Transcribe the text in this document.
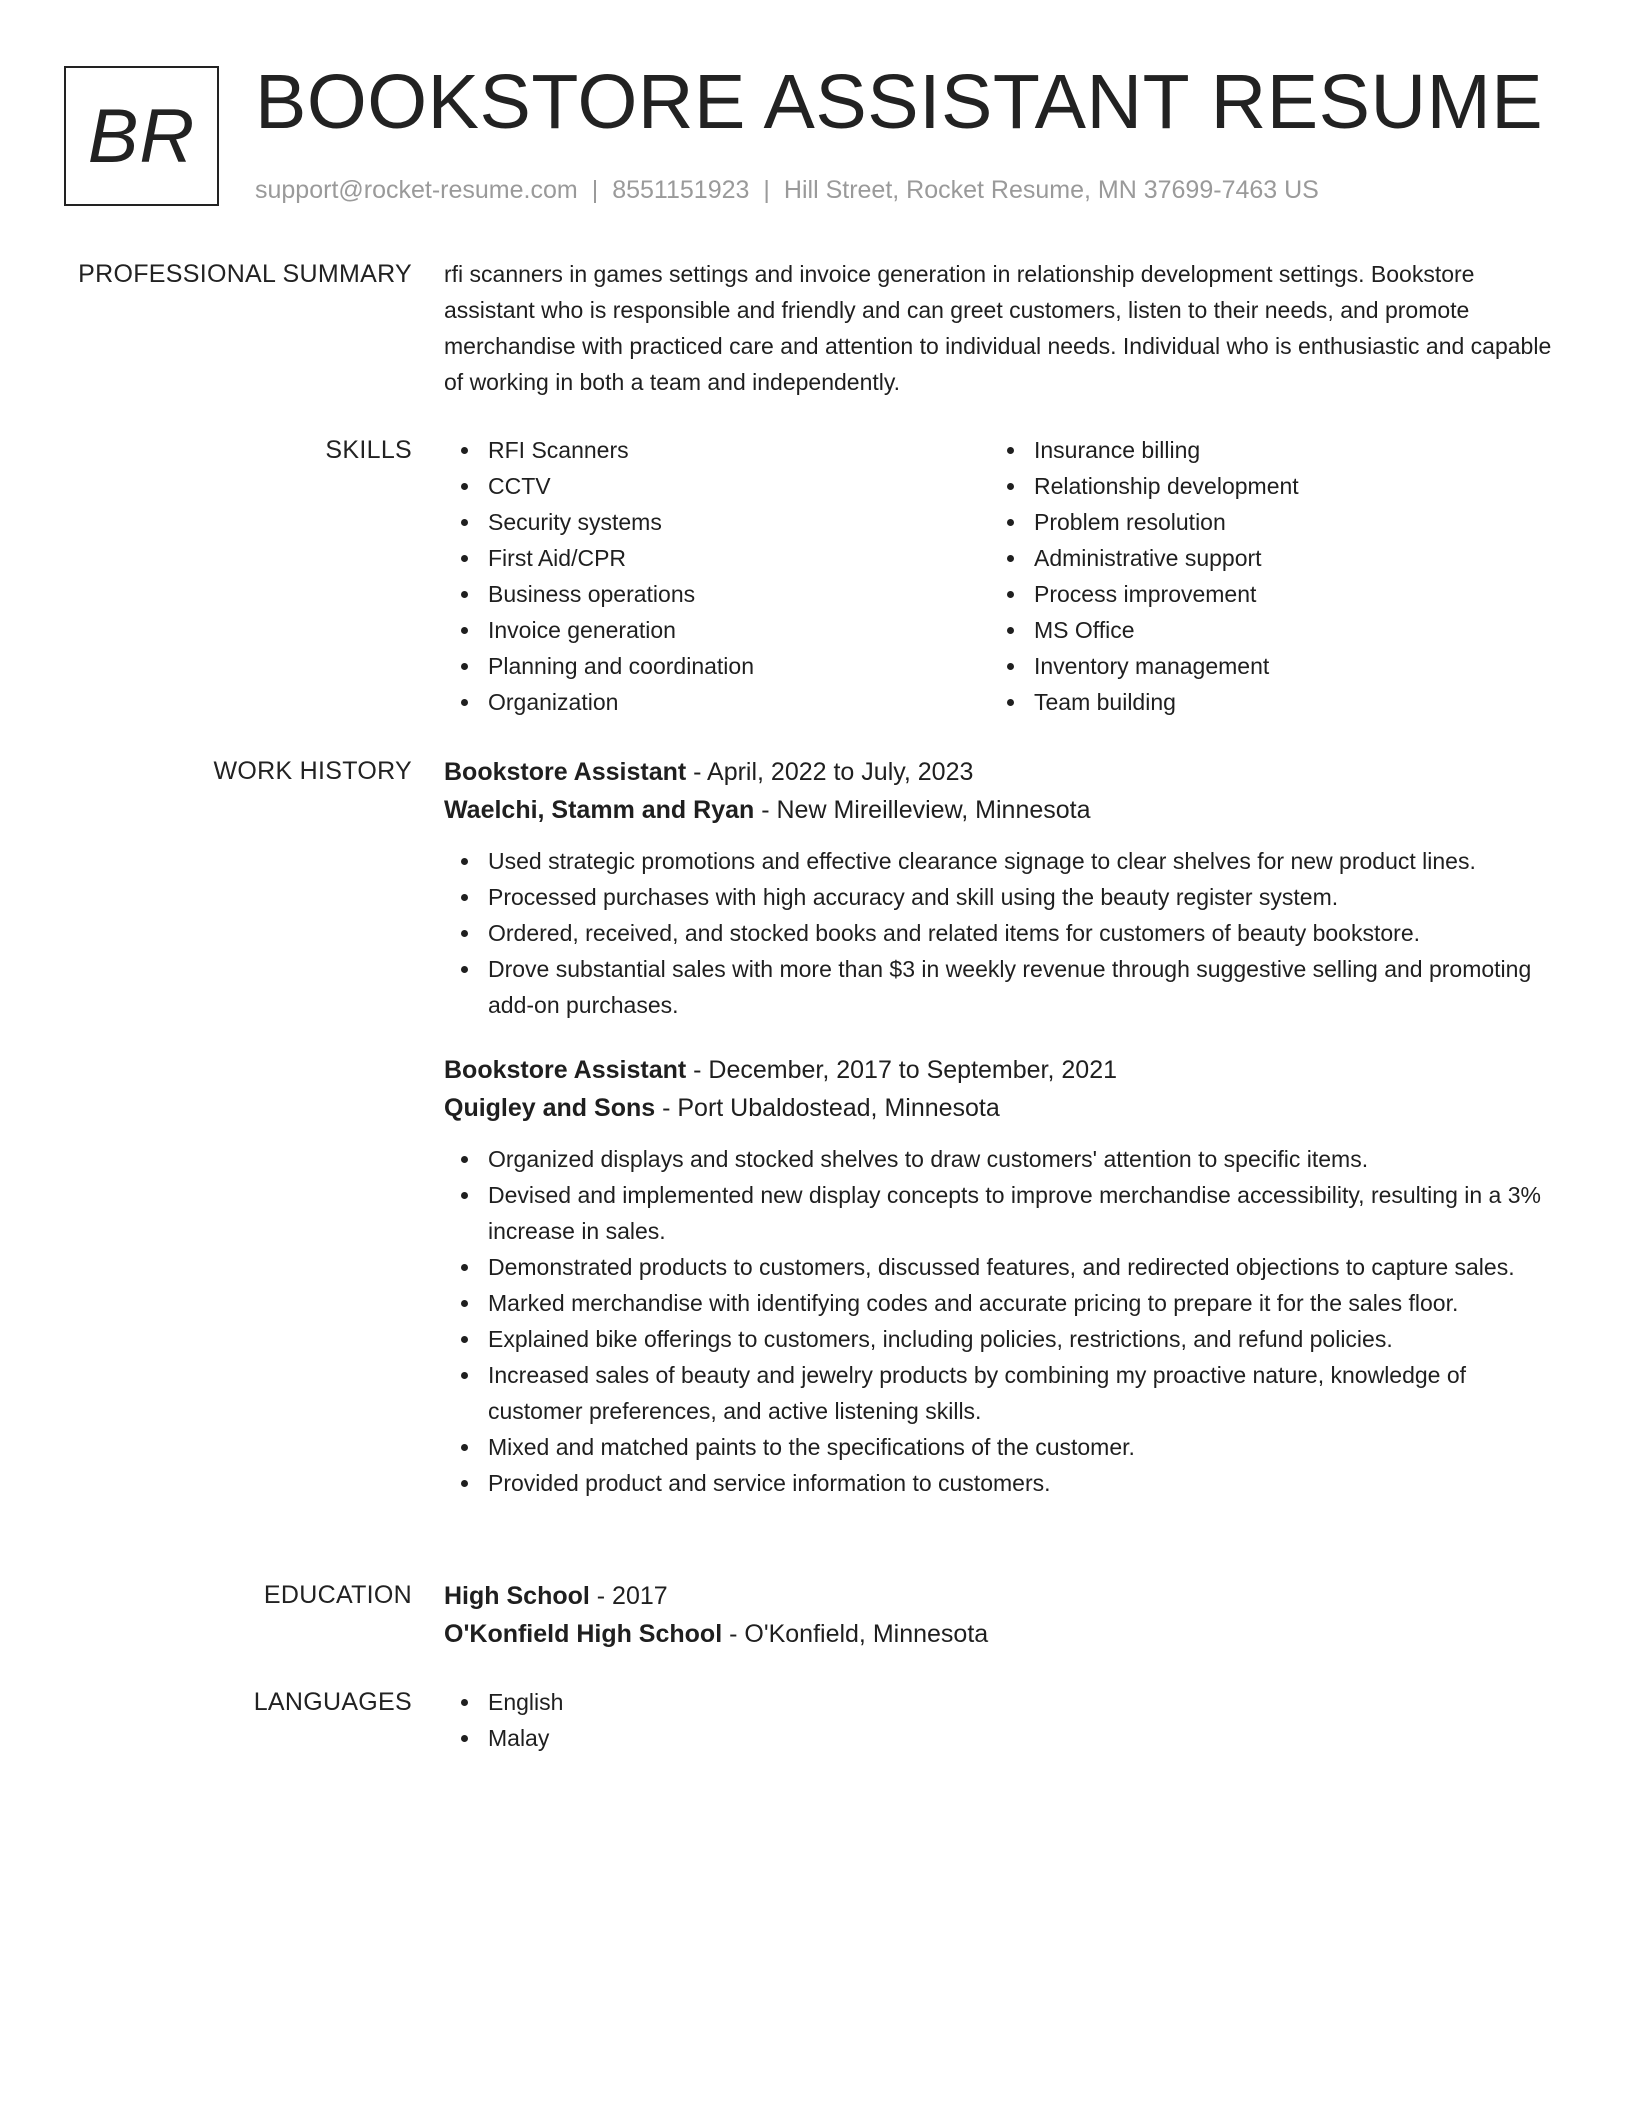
BR BOOKSTORE ASSISTANT RESUME
support@rocket-resume.com | 8551151923 | Hill Street, Rocket Resume, MN 37699-7463 US
PROFESSIONAL SUMMARY rfi scanners in games settings and invoice generation in relationship development settings. Bookstore assistant who is responsible and friendly and can greet customers, listen to their needs, and promote merchandise with practiced care and attention to individual needs. Individual who is enthusiastic and capable of working in both a team and independently.

SKILLS	RFI Scanners
CCTV
Security systems
First Aid/CPR
Business operations
Invoice generation
Planning and coordination
Organization
Insurance billing
Relationship development
Problem resolution
Administrative support
Process improvement
MS Office
Inventory management
Team building
WORK HISTORY Bookstore Assistant - April, 2022 to July, 2023
Waelchi, Stamm and Ryan - New Mireilleview, Minnesota
Used strategic promotions and effective clearance signage to clear shelves for new product lines.
Processed purchases with high accuracy and skill using the beauty register system.
Ordered, received, and stocked books and related items for customers of beauty bookstore.
Drove substantial sales with more than $3 in weekly revenue through suggestive selling and promoting add-on purchases.
Bookstore Assistant - December, 2017 to September, 2021
Quigley and Sons - Port Ubaldostead, Minnesota
Organized displays and stocked shelves to draw customers' attention to specific items.
Devised and implemented new display concepts to improve merchandise accessibility, resulting in a 3% increase in sales.
Demonstrated products to customers, discussed features, and redirected objections to capture sales.
Marked merchandise with identifying codes and accurate pricing to prepare it for the sales floor.
Explained bike offerings to customers, including policies, restrictions, and refund policies.
Increased sales of beauty and jewelry products by combining my proactive nature, knowledge of customer preferences, and active listening skills.
Mixed and matched paints to the specifications of the customer.
Provided product and service information to customers.
EDUCATION High School - 2017
O'Konfield High School - O'Konfield, Minnesota
LANGUAGES	English
Malay
